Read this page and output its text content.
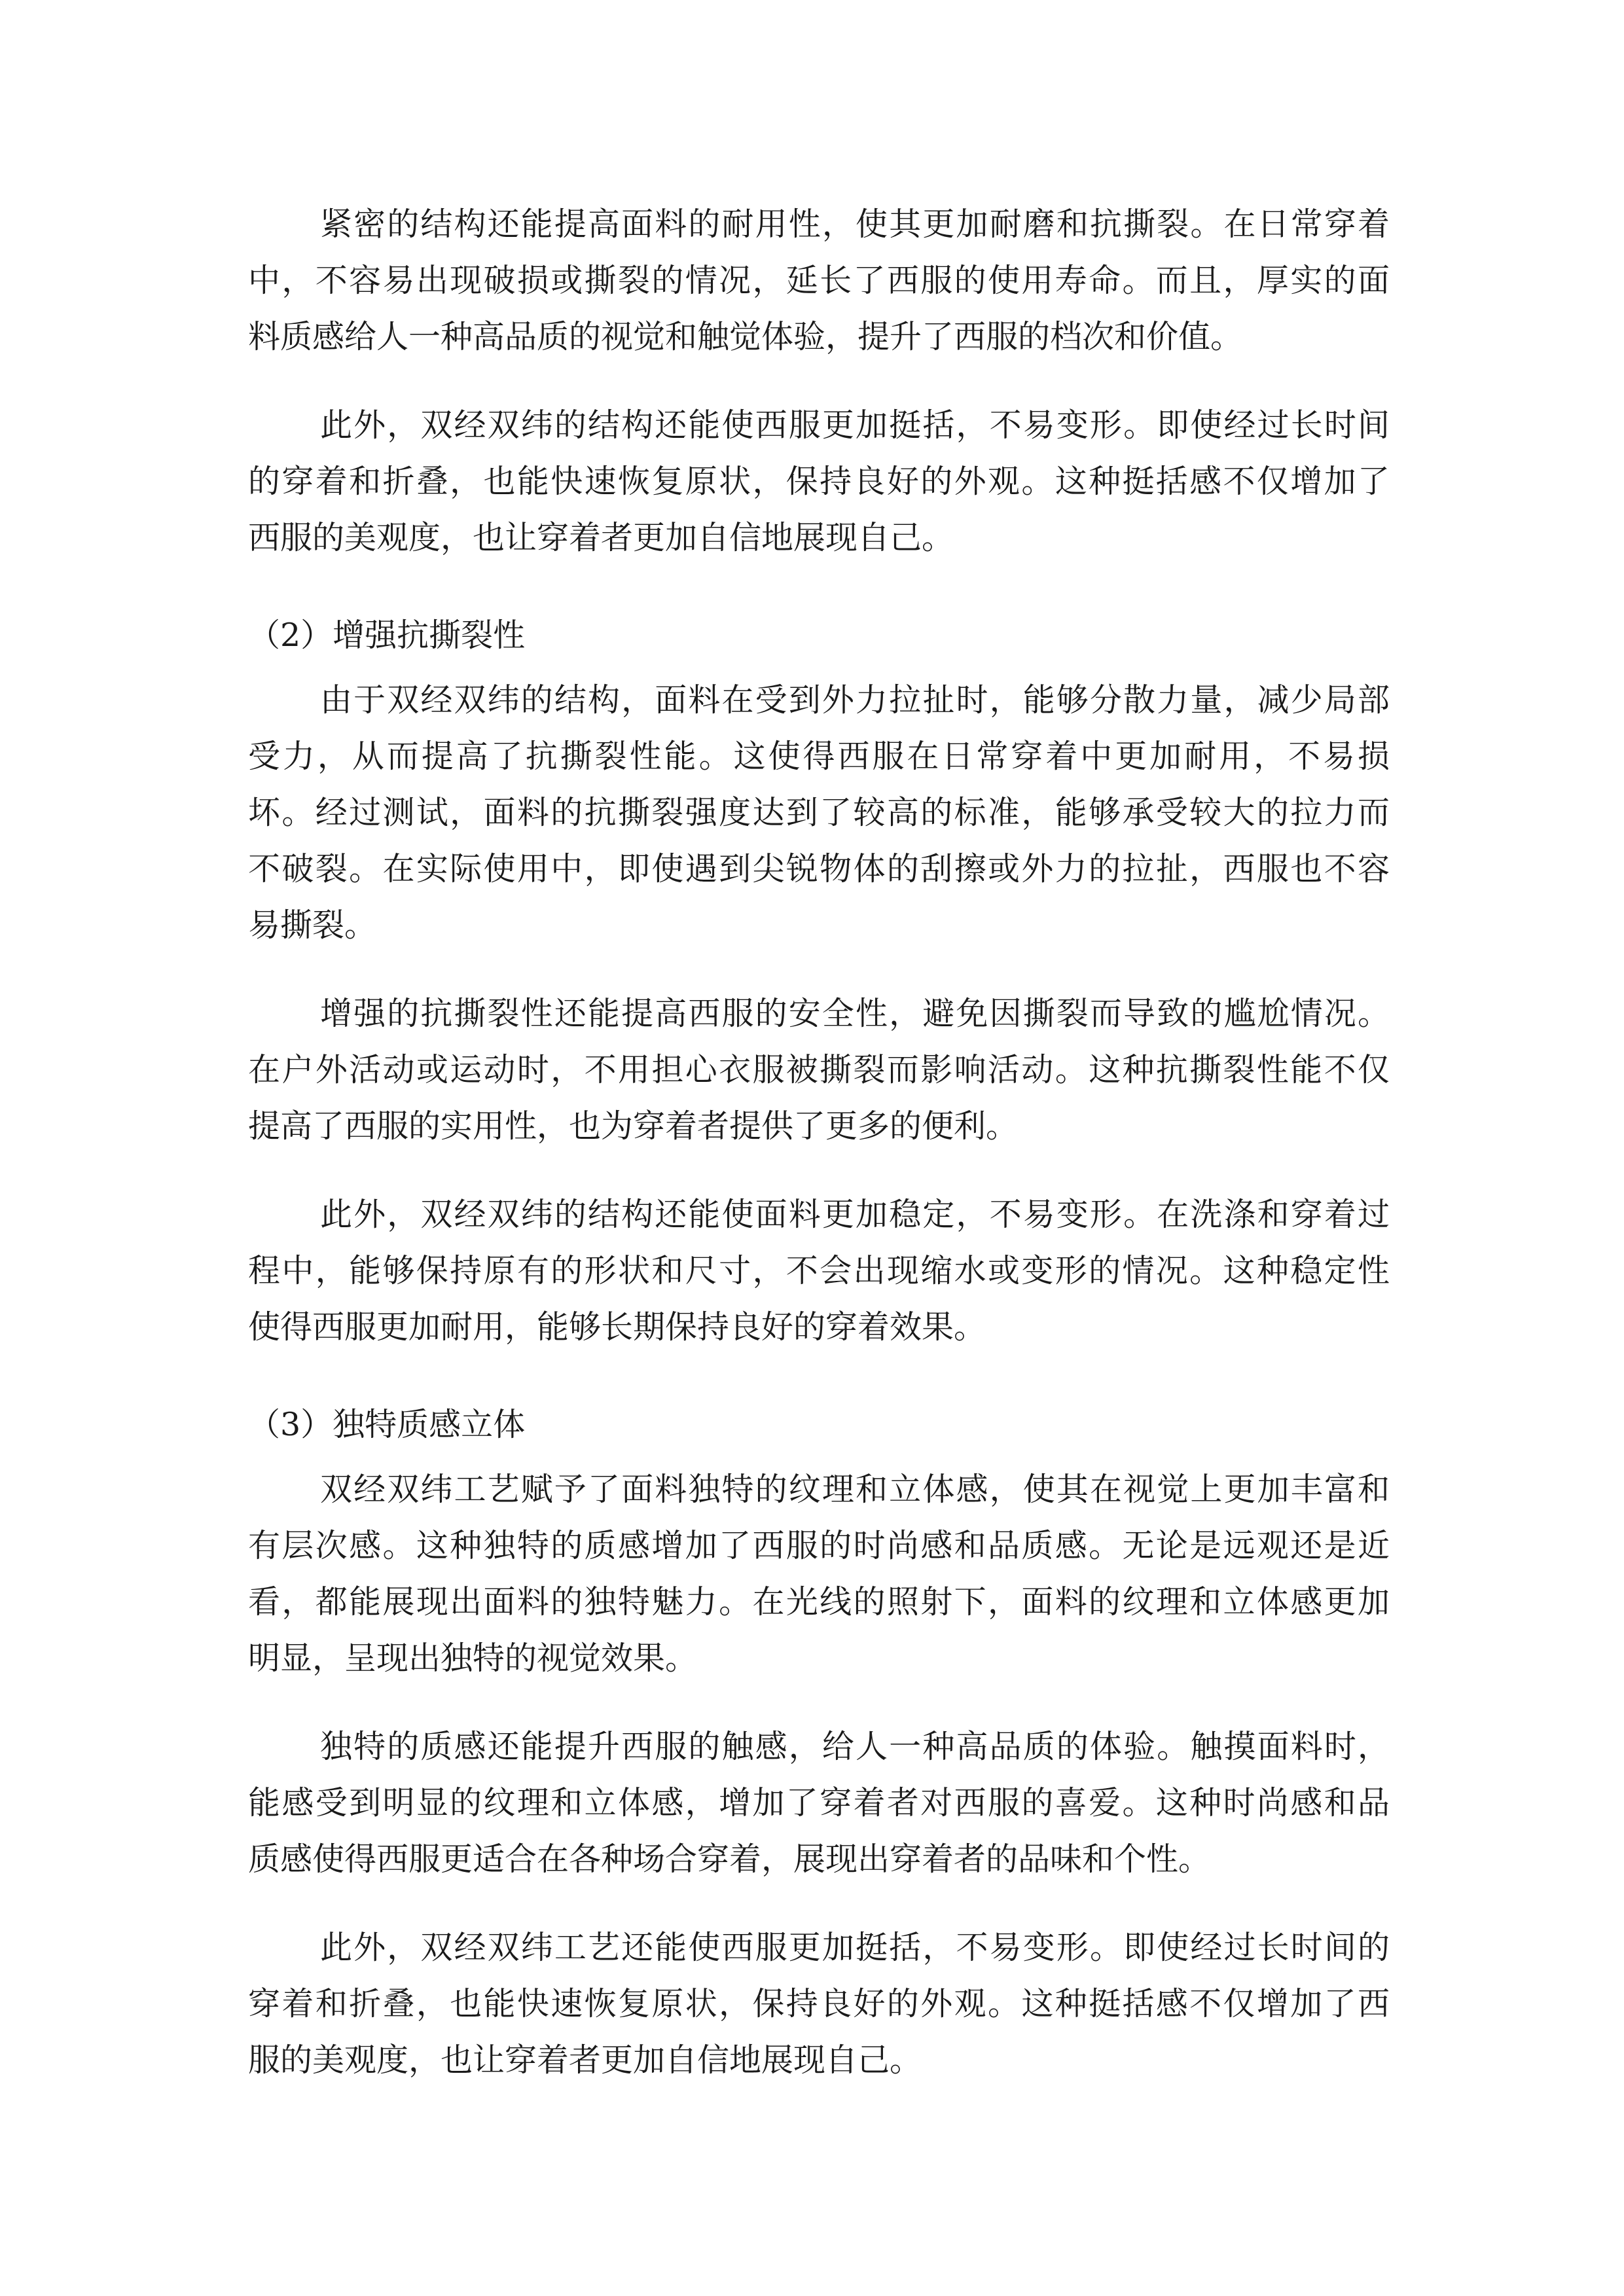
紧密的结构还能提高面料的耐用性，使其更加耐磨和抗撕裂。在日常穿着
中，不容易出现破损或撕裂的情况，延长了西服的使用寿命。而且，厚实的面
料质感给人一种高品质的视觉和触觉体验，提升了西服的档次和价值。
此外，双经双纬的结构还能使西服更加挺括，不易变形。即使经过长时间
的穿着和折叠，也能快速恢复原状，保持良好的外观。这种挺括感不仅增加了
西服的美观度，也让穿着者更加自信地展现自己。
（2）增强抗撕裂性
由于双经双纬的结构，面料在受到外力拉扯时，能够分散力量，减少局部
受力，从而提高了抗撕裂性能。这使得西服在日常穿着中更加耐用，不易损
坏。经过测试，面料的抗撕裂强度达到了较高的标准，能够承受较大的拉力而
不破裂。在实际使用中，即使遇到尖锐物体的刮擦或外力的拉扯，西服也不容
易撕裂。
增强的抗撕裂性还能提高西服的安全性，避免因撕裂而导致的尴尬情况。
在户外活动或运动时，不用担心衣服被撕裂而影响活动。这种抗撕裂性能不仅
提高了西服的实用性，也为穿着者提供了更多的便利。
此外，双经双纬的结构还能使面料更加稳定，不易变形。在洗涤和穿着过
程中，能够保持原有的形状和尺寸，不会出现缩水或变形的情况。这种稳定性
使得西服更加耐用，能够长期保持良好的穿着效果。
（3）独特质感立体
双经双纬工艺赋予了面料独特的纹理和立体感，使其在视觉上更加丰富和
有层次感。这种独特的质感增加了西服的时尚感和品质感。无论是远观还是近
看，都能展现出面料的独特魅力。在光线的照射下，面料的纹理和立体感更加
明显，呈现出独特的视觉效果。
独特的质感还能提升西服的触感，给人一种高品质的体验。触摸面料时，
能感受到明显的纹理和立体感，增加了穿着者对西服的喜爱。这种时尚感和品
质感使得西服更适合在各种场合穿着，展现出穿着者的品味和个性。
此外，双经双纬工艺还能使西服更加挺括，不易变形。即使经过长时间的
穿着和折叠，也能快速恢复原状，保持良好的外观。这种挺括感不仅增加了西
服的美观度，也让穿着者更加自信地展现自己。
